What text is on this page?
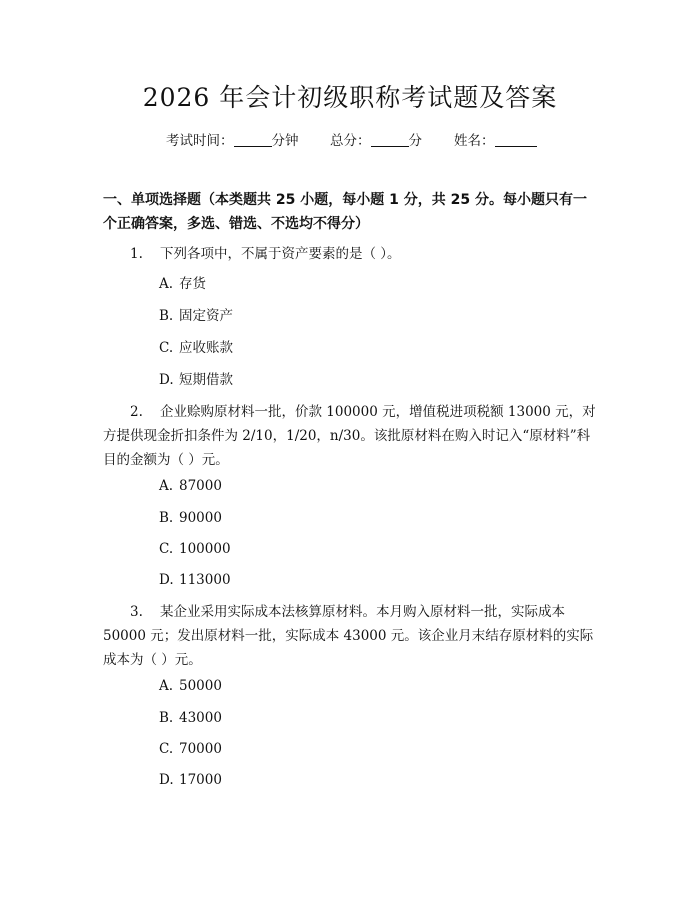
2026 年会计初级职称考试题及答案
考试时间：	分钟 总分：	分 姓名：
一、单项选择题（本类题共 25 小题，每小题 1 分，共 25 分。每小题只有一个正确答案，多选、错选、不选均不得分）
1. 下列各项中，不属于资产要素的是（ ）。
A. 存货
B. 固定资产
C. 应收账款
D. 短期借款
2. 企业赊购原材料一批，价款 100000 元，增值税进项税额 13000 元，对方提供现金折扣条件为 2/10，1/20，n/30。该批原材料在购入时记入“原材料”科目的金额为（ ）元。
A. 87000
B. 90000
C. 100000
D. 113000
3. 某企业采用实际成本法核算原材料。本月购入原材料一批，实际成本 50000 元；发出原材料一批，实际成本 43000 元。该企业月末结存原材料的实际成本为（ ）元。
A. 50000
B. 43000
C. 70000
D. 17000
